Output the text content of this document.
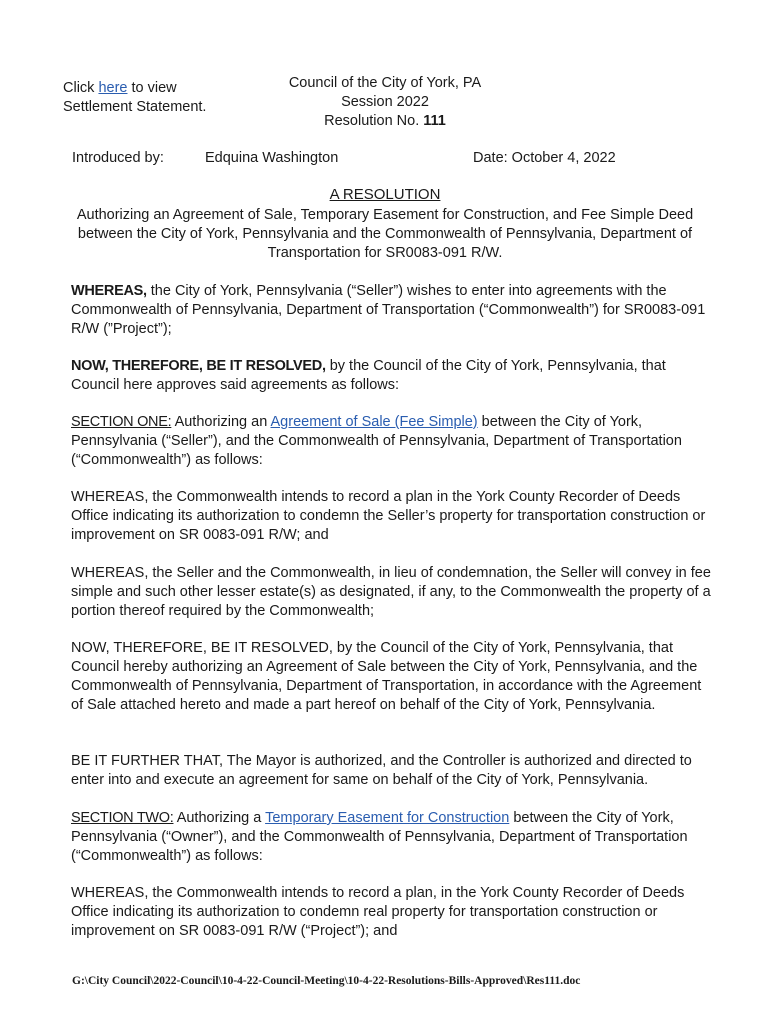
Click here to view
Settlement Statement.
Council of the City of York, PA
Session 2022
Resolution No. 111
Introduced by:	Edquina Washington	Date: October 4, 2022
A RESOLUTION
Authorizing an Agreement of Sale, Temporary Easement for Construction, and Fee Simple Deed between the City of York, Pennsylvania and the Commonwealth of Pennsylvania, Department of Transportation for SR0083-091 R/W.
WHEREAS, the City of York, Pennsylvania (“Seller”) wishes to enter into agreements with the Commonwealth of Pennsylvania, Department of Transportation (“Commonwealth”) for SR0083-091 R/W (”Project”);
NOW, THEREFORE, BE IT RESOLVED, by the Council of the City of York, Pennsylvania, that Council here approves said agreements as follows:
SECTION ONE: Authorizing an Agreement of Sale (Fee Simple) between the City of York, Pennsylvania (“Seller”), and the Commonwealth of Pennsylvania, Department of Transportation (“Commonwealth”) as follows:
WHEREAS, the Commonwealth intends to record a plan in the York County Recorder of Deeds Office indicating its authorization to condemn the Seller’s property for transportation construction or improvement on SR 0083-091 R/W; and
WHEREAS, the Seller and the Commonwealth, in lieu of condemnation, the Seller will convey in fee simple and such other lesser estate(s) as designated, if any, to the Commonwealth the property of a portion thereof required by the Commonwealth;
NOW, THEREFORE, BE IT RESOLVED, by the Council of the City of York, Pennsylvania, that Council hereby authorizing an Agreement of Sale between the City of York, Pennsylvania, and the Commonwealth of Pennsylvania, Department of Transportation, in accordance with the Agreement of Sale attached hereto and made a part hereof on behalf of the City of York, Pennsylvania.
BE IT FURTHER THAT, The Mayor is authorized, and the Controller is authorized and directed to enter into and execute an agreement for same on behalf of the City of York, Pennsylvania.
SECTION TWO: Authorizing a Temporary Easement for Construction between the City of York, Pennsylvania (“Owner”), and the Commonwealth of Pennsylvania, Department of Transportation (“Commonwealth”) as follows:
WHEREAS, the Commonwealth intends to record a plan, in the York County Recorder of Deeds Office indicating its authorization to condemn real property for transportation construction or improvement on SR 0083-091 R/W (“Project”); and
G:\City Council\2022-Council\10-4-22-Council-Meeting\10-4-22-Resolutions-Bills-Approved\Res111.doc
